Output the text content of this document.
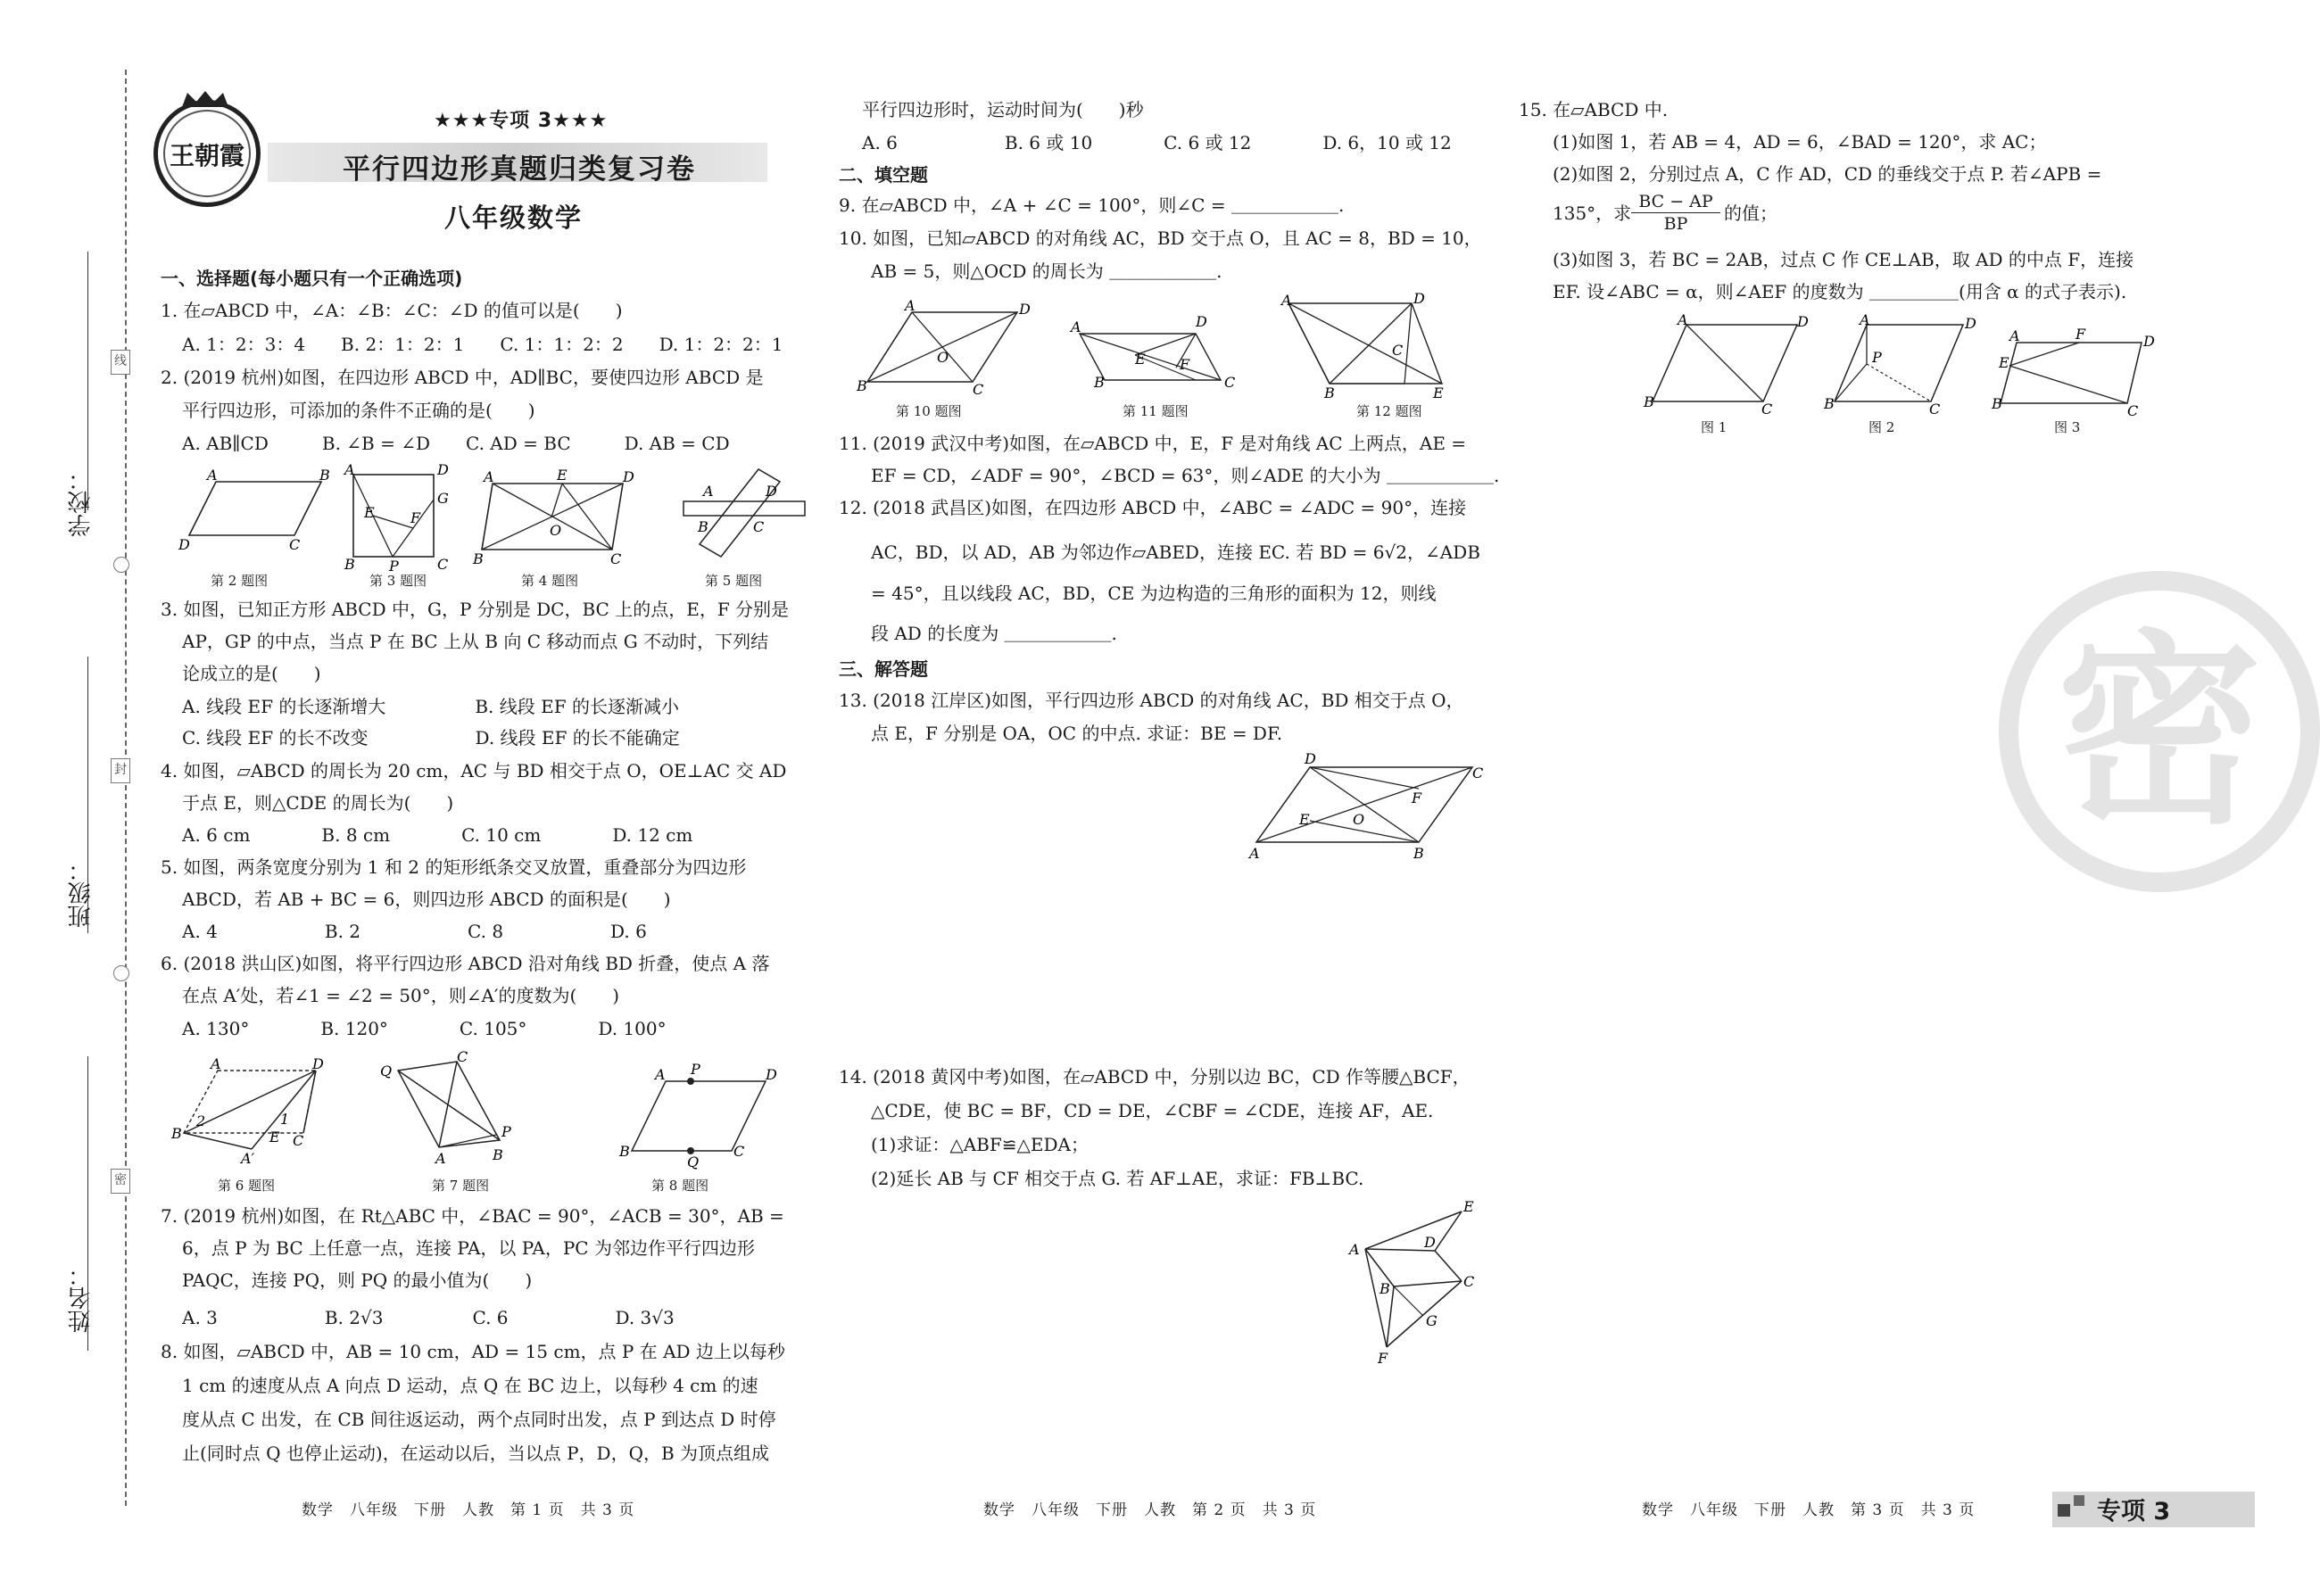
线
封
密
学校：
班级：
姓名：
王朝霞
★★★专项 3★★★
平行四边形真题归类复习卷
八年级数学
一、选择题(每小题只有一个正确选项)
1. 在▱ABCD 中，∠A：∠B：∠C：∠D 的值可以是(　　)
A. 1：2：3：4　　B. 2：1：2：1　　C. 1：1：2：2　　D. 1：2：2：1
2. (2019 杭州)如图，在四边形 ABCD 中，AD∥BC，要使四边形 ABCD 是
平行四边形，可添加的条件不正确的是(　　)
A. AB∥CD　　　B. ∠B = ∠D　　C. AD = BC　　　D. AB = CD
A	B
D	C
A	D
G
E	F
B P	C
A	E	D
O
B	C
A	D
B	C
第 2 题图	第 3 题图	第 4 题图	第 5 题图
3. 如图，已知正方形 ABCD 中，G，P 分别是 DC，BC 上的点，E，F 分别是
AP，GP 的中点，当点 P 在 BC 上从 B 向 C 移动而点 G 不动时，下列结
论成立的是(　　)
A. 线段 EF 的长逐渐增大　　　　　B. 线段 EF 的长逐渐减小
C. 线段 EF 的长不改变　　　　　　D. 线段 EF 的长不能确定
4. 如图，▱ABCD 的周长为 20 cm，AC 与 BD 相交于点 O，OE⊥AC 交 AD
于点 E，则△CDE 的周长为(　　)
A. 6 cm　　　　B. 8 cm　　　　C. 10 cm　　　　D. 12 cm
5. 如图，两条宽度分别为 1 和 2 的矩形纸条交叉放置，重叠部分为四边形
ABCD，若 AB + BC = 6，则四边形 ABCD 的面积是(　　)
A. 4　　　　　　B. 2　　　　　　C. 8　　　　　　D. 6
6. (2018 洪山区)如图，将平行四边形 ABCD 沿对角线 BD 折叠，使点 A 落
在点 A′处，若∠1 = ∠2 = 50°，则∠A′的度数为(　　)
A. 130°　　　　B. 120°　　　　C. 105°　　　　D. 100°
A	D
2	1
B	E C
A′
Q
C
P
A	B
A P	D
B
Q
C
第 6 题图	第 7 题图	第 8 题图
7. (2019 杭州)如图，在 Rt△ABC 中，∠BAC = 90°，∠ACB = 30°，AB =
6，点 P 为 BC 上任意一点，连接 PA，以 PA，PC 为邻边作平行四边形
PAQC，连接 PQ，则 PQ 的最小值为(　　)
A. 3　　　　　　B. 2√3　　　　　C. 6　　　　　　D. 3√3
8. 如图，▱ABCD 中，AB = 10 cm，AD = 15 cm，点 P 在 AD 边上以每秒
1 cm 的速度从点 A 向点 D 运动，点 Q 在 BC 边上，以每秒 4 cm 的速
度从点 C 出发，在 CB 间往返运动，两个点同时出发，点 P 到达点 D 时停
止(同时点 Q 也停止运动)，在运动以后，当以点 P，D，Q，B 为顶点组成
平行四边形时，运动时间为(　　)秒
A. 6　　　　　　B. 6 或 10　　　　C. 6 或 12　　　　D. 6，10 或 12
二、填空题
9. 在▱ABCD 中，∠A + ∠C = 100°，则∠C = ＿＿＿＿＿＿.
10. 如图，已知▱ABCD 的对角线 AC，BD 交于点 O，且 AC = 8，BD = 10，
AB = 5，则△OCD 的周长为 ＿＿＿＿＿＿.
A	D
O
B	C
A	D
E F
B	C
A	D
C
B	E
第 10 题图	第 11 题图	第 12 题图
11. (2019 武汉中考)如图，在▱ABCD 中，E，F 是对角线 AC 上两点，AE =
EF = CD，∠ADF = 90°，∠BCD = 63°，则∠ADE 的大小为 ＿＿＿＿＿＿.
12. (2018 武昌区)如图，在四边形 ABCD 中，∠ABC = ∠ADC = 90°，连接
AC，BD，以 AD，AB 为邻边作▱ABED，连接 EC. 若 BD = 6√2，∠ADB
= 45°，且以线段 AC，BD，CE 为边构造的三角形的面积为 12，则线
段 AD 的长度为 ＿＿＿＿＿＿.
三、解答题
13. (2018 江岸区)如图，平行四边形 ABCD 的对角线 AC，BD 相交于点 O，
点 E，F 分别是 OA，OC 的中点. 求证：BE = DF.
D
C
F
O
E
A	B
14. (2018 黄冈中考)如图，在▱ABCD 中，分别以边 BC，CD 作等腰△BCF，
△CDE，使 BC = BF，CD = DE，∠CBF = ∠CDE，连接 AF，AE.
(1)求证：△ABF≌△EDA；
(2)延长 AB 与 CF 相交于点 G. 若 AF⊥AE，求证：FB⊥BC.
A
E
D
C
B
G
F
15. 在▱ABCD 中.
(1)如图 1，若 AB = 4，AD = 6，∠BAD = 120°，求 AC；
(2)如图 2，分别过点 A，C 作 AD，CD 的垂线交于点 P. 若∠APB =
135°，求 $\frac{BC - AP}{BP}$ 的值；
(3)如图 3，若 BC = 2AB，过点 C 作 CE⊥AB，取 AD 的中点 F，连接
EF. 设∠ABC = α，则∠AEF 的度数为 ＿＿＿＿＿(用含 α 的式子表示).
A	D
B	C
A	D
P
B	C
A	F	D
E
B	C
图 1	图 2	图 3
密
数学　八年级　下册　人教　第 1 页　共 3 页	数学　八年级　下册　人教　第 2 页　共 3 页	数学　八年级　下册　人教　第 3 页　共 3 页	专项 3
